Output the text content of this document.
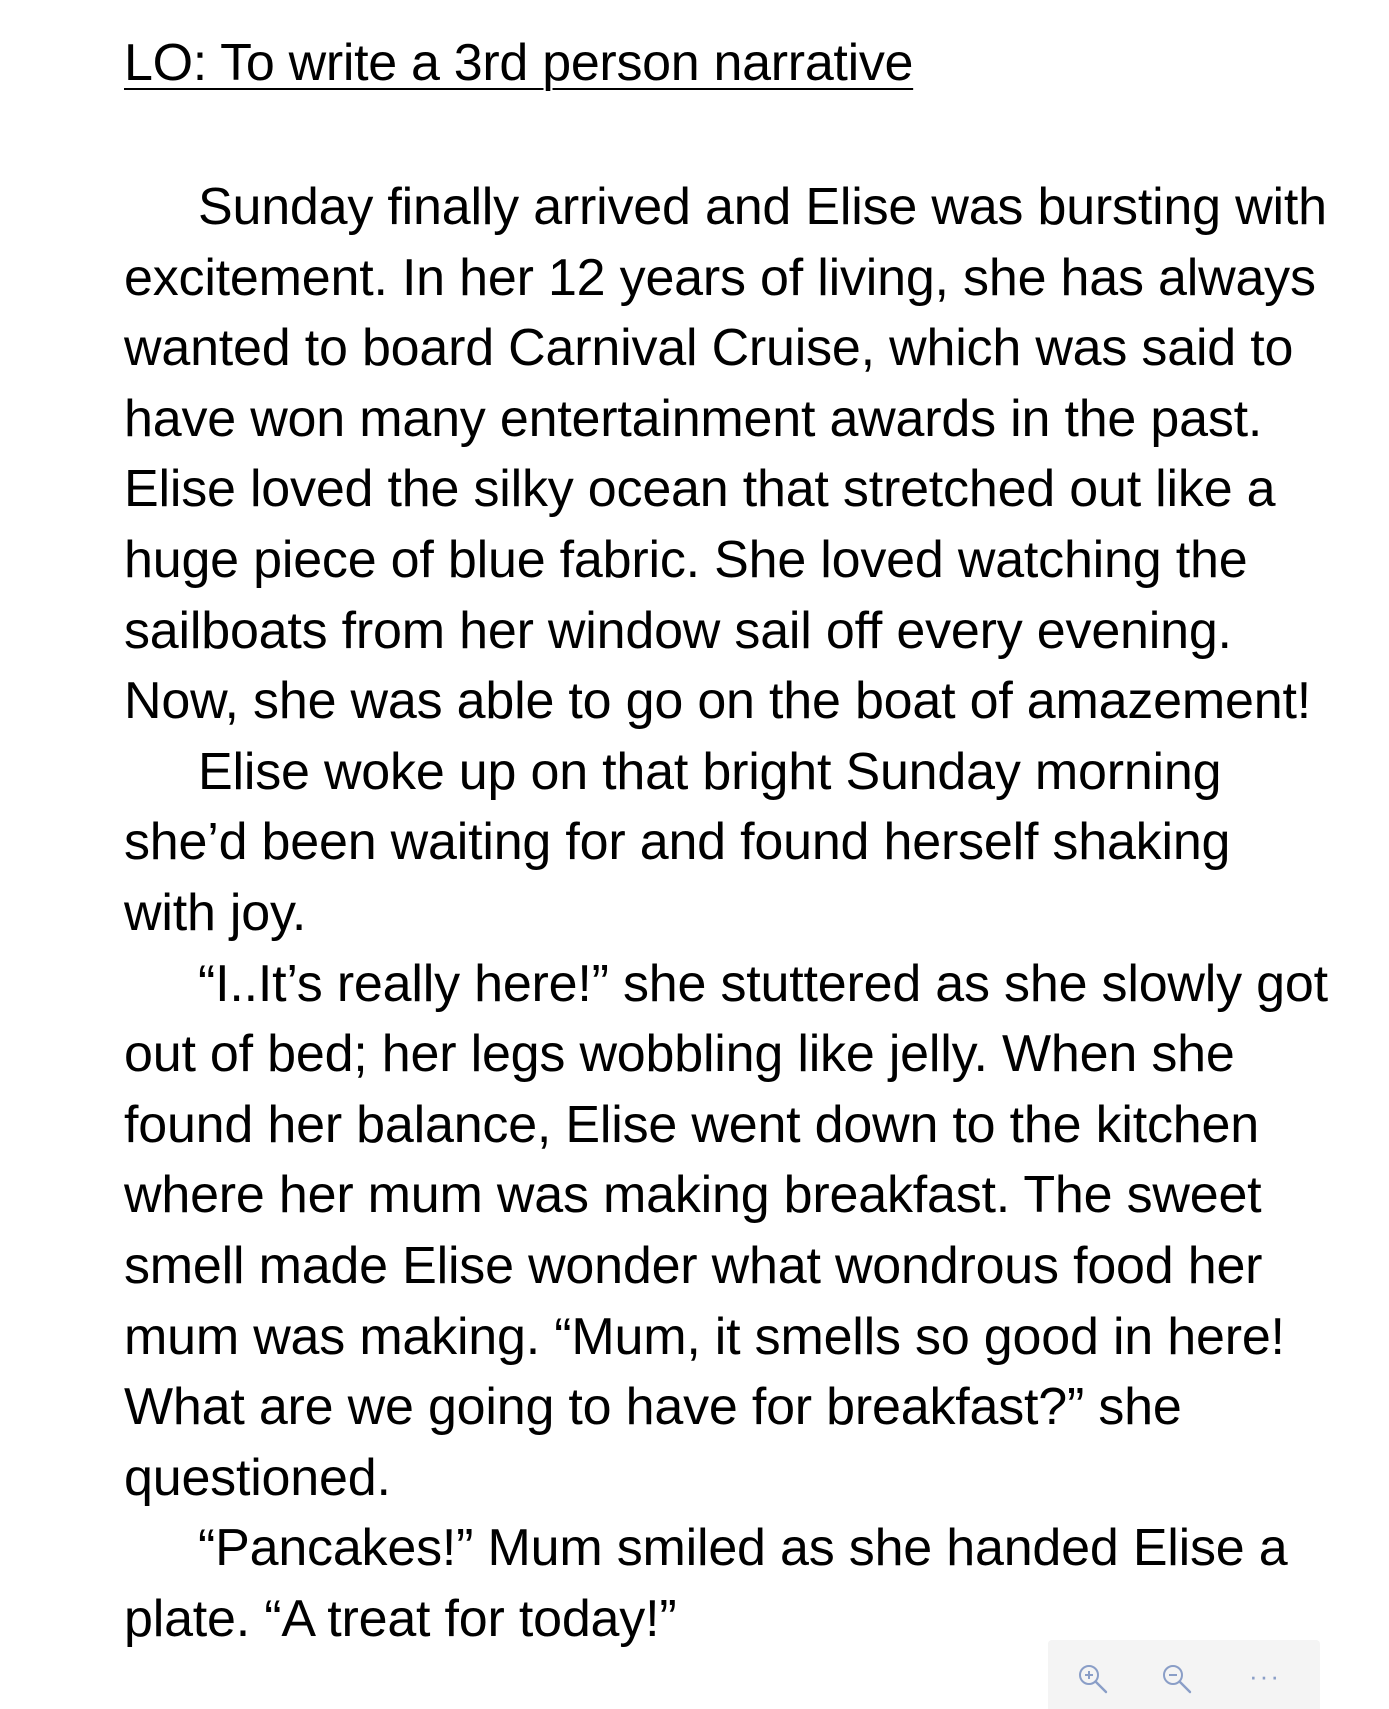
LO: To write a 3rd person narrative
Sunday finally arrived and Elise was bursting with
excitement. In her 12 years of living, she has always
wanted to board Carnival Cruise, which was said to
have won many entertainment awards in the past.
Elise loved the silky ocean that stretched out like a
huge piece of blue fabric. She loved watching the
sailboats from her window sail off every evening.
Now, she was able to go on the boat of amazement!
Elise woke up on that bright Sunday morning
she’d been waiting for and found herself shaking
with joy.
“I..It’s really here!” she stuttered as she slowly got
out of bed; her legs wobbling like jelly. When she
found her balance, Elise went down to the kitchen
where her mum was making breakfast. The sweet
smell made Elise wonder what wondrous food her
mum was making. “Mum, it smells so good in here!
What are we going to have for breakfast?” she
questioned.
“Pancakes!” Mum smiled as she handed Elise a
plate. “A treat for today!”
···
